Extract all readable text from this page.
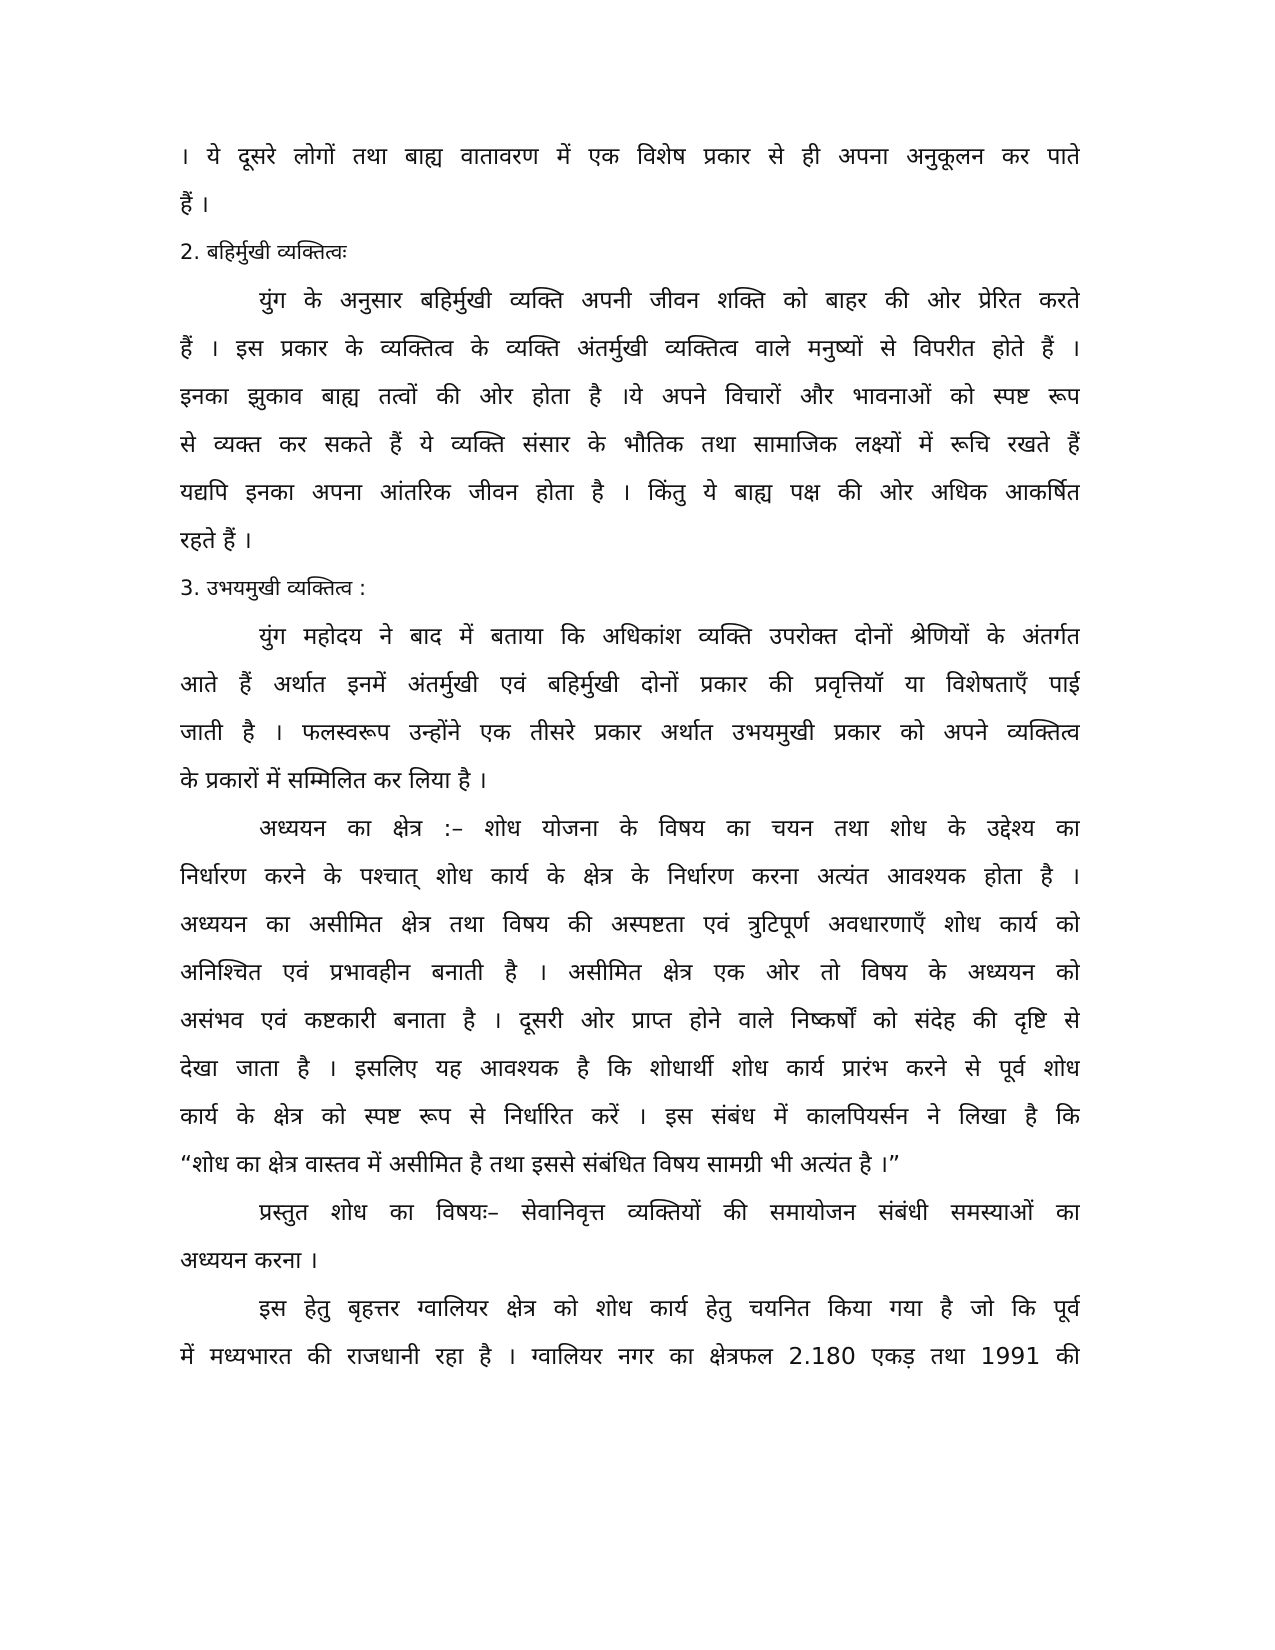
। ये दूसरे लोगों तथा बाह्य वातावरण में एक विशेष प्रकार से ही अपना अनुकूलन कर पाते
हैं ।
2. बहिर्मुखी व्यक्तित्वः
युंग के अनुसार बहिर्मुखी व्यक्ति अपनी जीवन शक्ति को बाहर की ओर प्रेरित करते
हैं । इस प्रकार के व्यक्तित्व के व्यक्ति अंतर्मुखी व्यक्तित्व वाले मनुष्यों से विपरीत होते हैं ।
इनका झुकाव बाह्य तत्वों की ओर होता है ।ये अपने विचारों और भावनाओं को स्पष्ट रूप
से व्यक्त कर सकते हैं ये व्यक्ति संसार के भौतिक तथा सामाजिक लक्ष्यों में रूचि रखते हैं
यद्यपि इनका अपना आंतरिक जीवन होता है । किंतु ये बाह्य पक्ष की ओर अधिक आकर्षित
रहते हैं ।
3. उभयमुखी व्यक्तित्व :
युंग महोदय ने बाद में बताया कि अधिकांश व्यक्ति उपरोक्त दोनों श्रेणियों के अंतर्गत
आते हैं अर्थात इनमें अंतर्मुखी एवं बहिर्मुखी दोनों प्रकार की प्रवृत्तियॉ या विशेषताएँ पाई
जाती है । फलस्वरूप उन्होंने एक तीसरे प्रकार अर्थात उभयमुखी प्रकार को अपने व्यक्तित्व
के प्रकारों में सम्मिलित कर लिया है ।
अध्ययन का क्षेत्र :– शोध योजना के विषय का चयन तथा शोध के उद्देश्य का
निर्धारण करने के पश्चात् शोध कार्य के क्षेत्र के निर्धारण करना अत्यंत आवश्यक होता है ।
अध्ययन का असीमित क्षेत्र तथा विषय की अस्पष्टता एवं त्रुटिपूर्ण अवधारणाएँ शोध कार्य को
अनिश्चित एवं प्रभावहीन बनाती है । असीमित क्षेत्र एक ओर तो विषय के अध्ययन को
असंभव एवं कष्टकारी बनाता है । दूसरी ओर प्राप्त होने वाले निष्कर्षों को संदेह की दृष्टि से
देखा जाता है । इसलिए यह आवश्यक है कि शोधार्थी शोध कार्य प्रारंभ करने से पूर्व शोध
कार्य के क्षेत्र को स्पष्ट रूप से निर्धारित करें । इस संबंध में कालपियर्सन ने लिखा है कि
“शोध का क्षेत्र वास्तव में असीमित है तथा इससे संबंधित विषय सामग्री भी अत्यंत है ।”
प्रस्तुत शोध का विषयः– सेवानिवृत्त व्यक्तियों की समायोजन संबंधी समस्याओं का
अध्ययन करना ।
इस हेतु बृहत्तर ग्वालियर क्षेत्र को शोध कार्य हेतु चयनित किया गया है जो कि पूर्व
में मध्यभारत की राजधानी रहा है । ग्वालियर नगर का क्षेत्रफल 2.180 एकड़ तथा 1991 की
